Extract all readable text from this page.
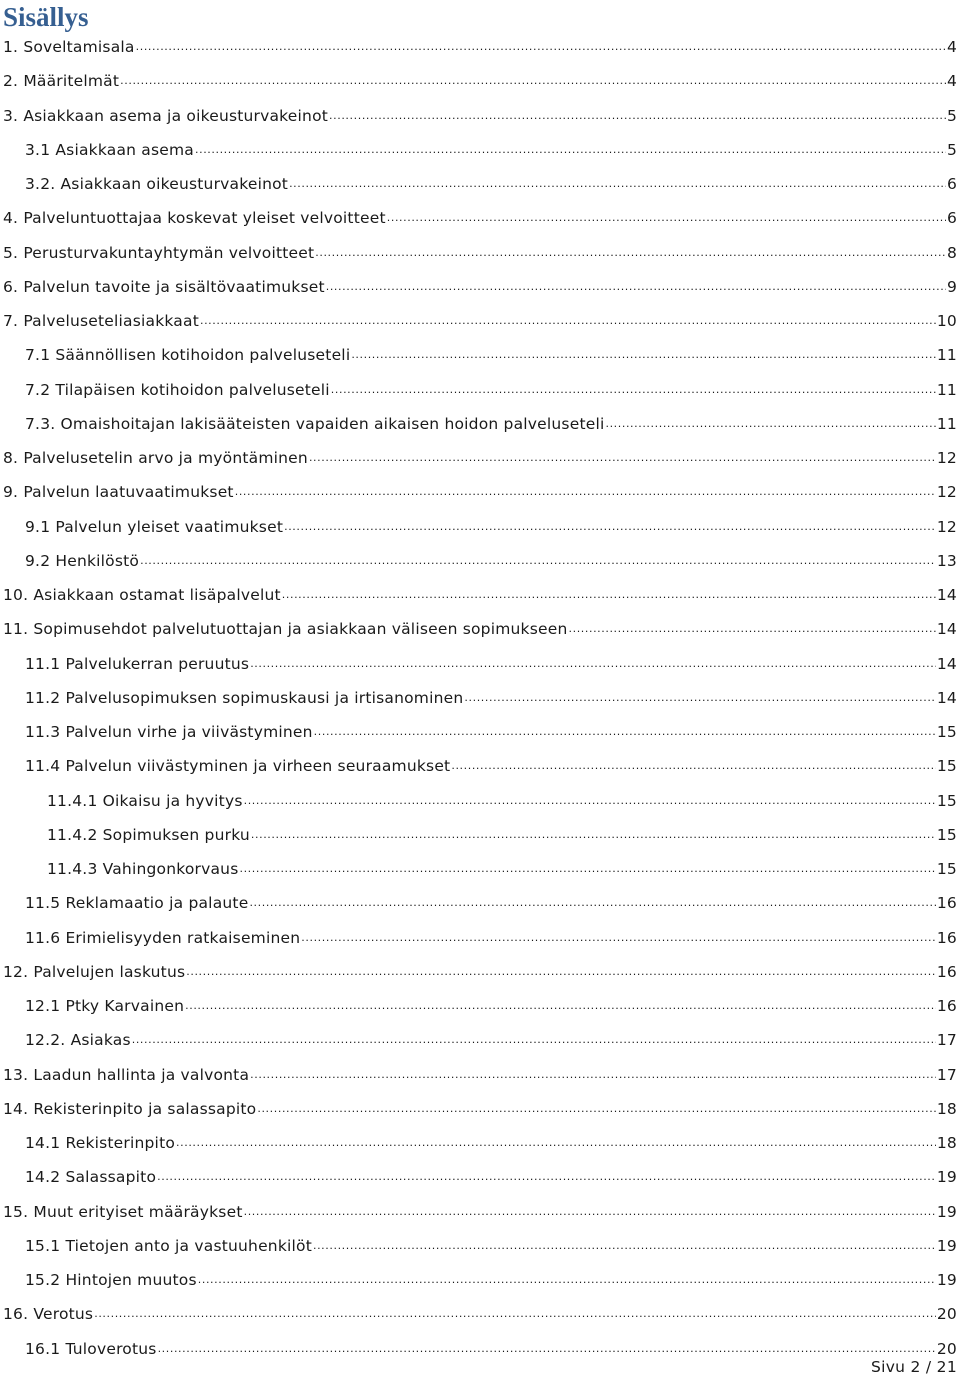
Sisällys
1. Soveltamisala .....	4
2. Määritelmät .....	4
3. Asiakkaan asema ja oikeusturvakeinot .....	5
3.1 Asiakkaan asema .....	5
3.2. Asiakkaan oikeusturvakeinot .....	6
4. Palveluntuottajaa koskevat yleiset velvoitteet .....	6
5. Perusturvakuntayhtymän velvoitteet .....	8
6. Palvelun tavoite ja sisältövaatimukset .....	9
7. Palveluseteliasiakkaat .....	10
7.1 Säännöllisen kotihoidon palveluseteli .....	11
7.2 Tilapäisen kotihoidon palveluseteli .....	11
7.3. Omaishoitajan lakisääteisten vapaiden aikaisen hoidon palveluseteli .....	11
8. Palvelusetelin arvo ja myöntäminen .....	12
9. Palvelun laatuvaatimukset .....	12
9.1 Palvelun yleiset vaatimukset .....	12
9.2 Henkilöstö .....	13
10. Asiakkaan ostamat lisäpalvelut .....	14
11. Sopimusehdot palvelutuottajan ja asiakkaan väliseen sopimukseen .....	14
11.1 Palvelukerran peruutus .....	14
11.2 Palvelusopimuksen sopimuskausi ja irtisanominen .....	14
11.3 Palvelun virhe ja viivästyminen .....	15
11.4 Palvelun viivästyminen ja virheen seuraamukset .....	15
11.4.1 Oikaisu ja hyvitys .....	15
11.4.2 Sopimuksen purku .....	15
11.4.3 Vahingonkorvaus .....	15
11.5 Reklamaatio ja palaute .....	16
11.6 Erimielisyyden ratkaiseminen .....	16
12. Palvelujen laskutus .....	16
12.1 Ptky Karvainen .....	16
12.2. Asiakas .....	17
13. Laadun hallinta ja valvonta .....	17
14. Rekisterinpito ja salassapito .....	18
14.1 Rekisterinpito .....	18
14.2 Salassapito .....	19
15. Muut erityiset määräykset .....	19
15.1 Tietojen anto ja vastuuhenkilöt .....	19
15.2 Hintojen muutos .....	19
16. Verotus .....	20
16.1 Tuloverotus .....	20
Sivu 2 / 21
